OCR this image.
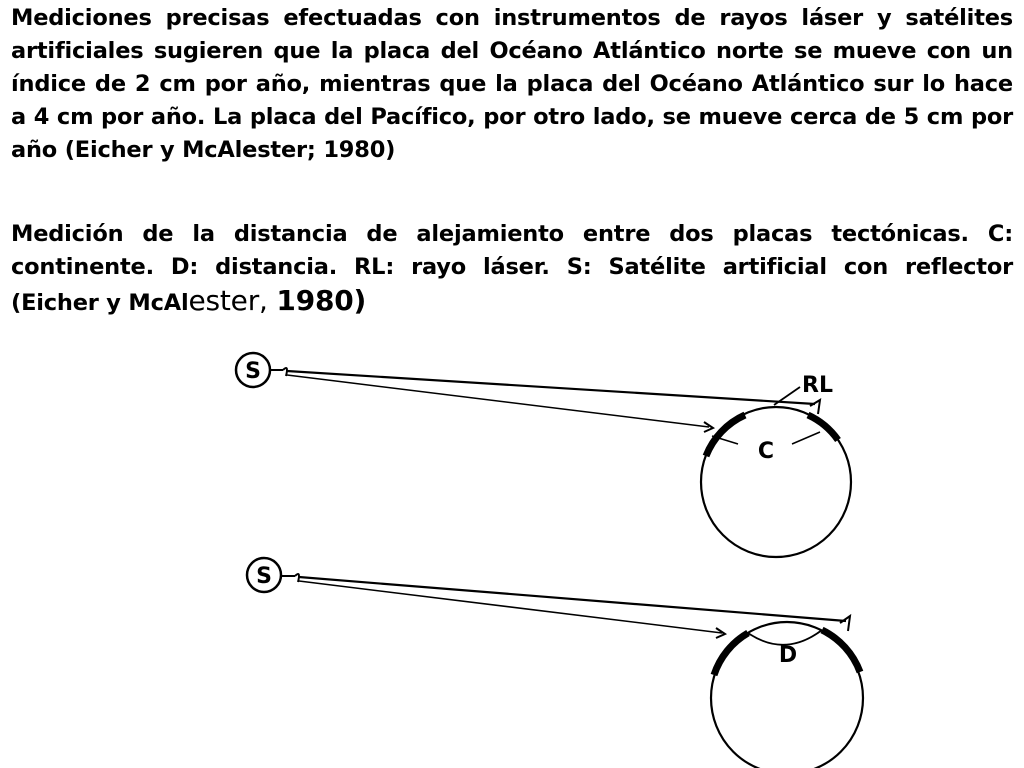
Mediciones precisas efectuadas con instrumentos de rayos láser y satélites artificiales sugieren que la placa del Océano Atlántico norte se mueve con un índice de 2 cm por año, mientras que la placa del Océano Atlántico sur lo hace a 4 cm por año. La placa del Pacífico, por otro lado, se mueve cerca de 5 cm por año (Eicher y McAlester; 1980)

Medición de la distancia de alejamiento entre dos placas tectónicas. C: continente. D: distancia. RL: rayo láser. S: Satélite artificial con reflector (Eicher y McAlester, 1980)

S
RL
C
S
D
